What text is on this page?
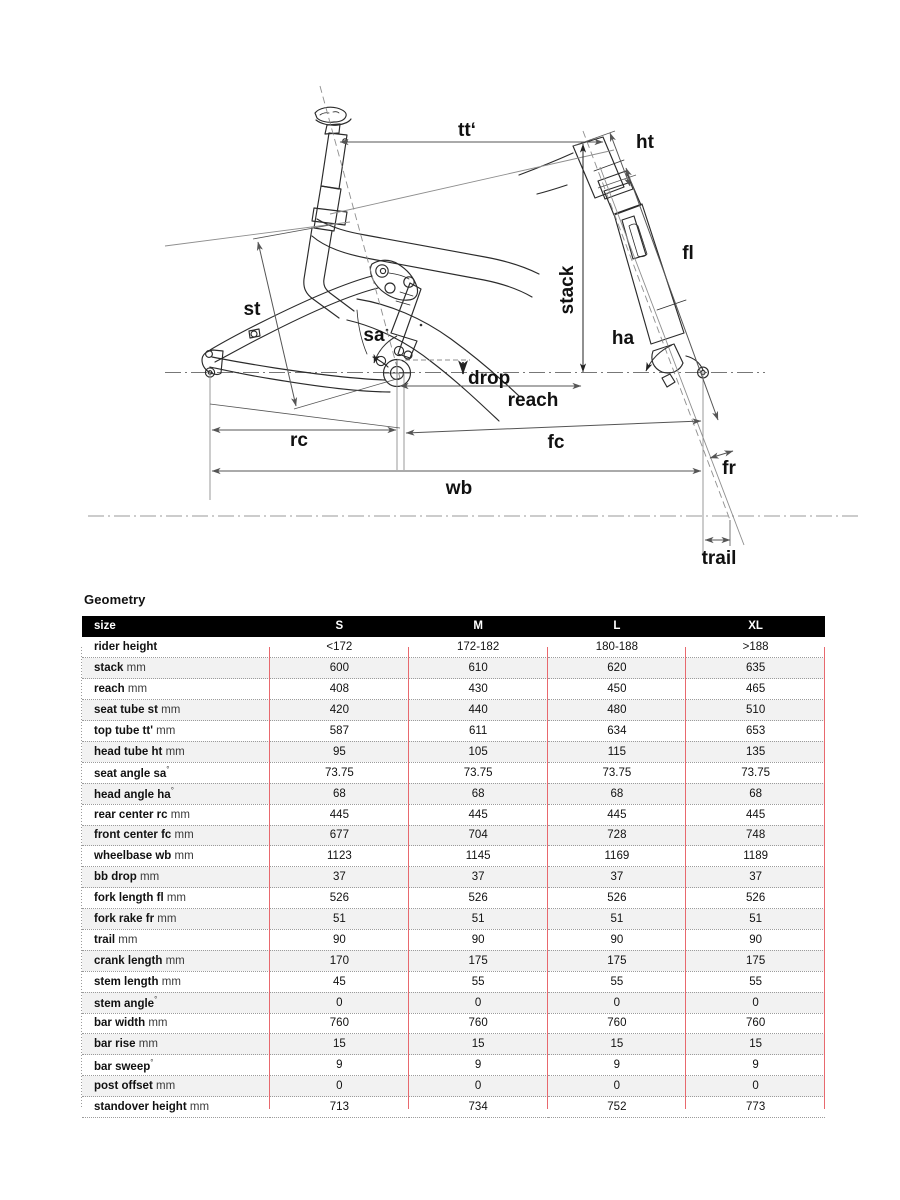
tt‘
ht
fl
stack
st
sa	ha
drop
reach
rc	fc
fr
wb
trail
Geometry
size	S	M	L	XL
rider height	<172	172-182	180-188	>188
stack mm	600	610	620	635
reach mm	408	430	450	465
seat tube st mm	420	440	480	510
top tube tt' mm	587	611	634	653
head tube ht mm	95	105	115	135
seat angle sa°	73.75	73.75	73.75	73.75
head angle ha°	68	68	68	68
rear center rc mm	445	445	445	445
front center fc mm	677	704	728	748
wheelbase wb mm	1123	1145	1169	1189
bb drop mm	37	37	37	37
fork length fl mm	526	526	526	526
fork rake fr mm	51	51	51	51
trail mm	90	90	90	90
crank length mm	170	175	175	175
stem length mm	45	55	55	55
stem angle°	0	0	0	0
bar width mm	760	760	760	760
bar rise mm	15	15	15	15
bar sweep°	9	9	9	9
post offset mm	0	0	0	0
standover height mm	713	734	752	773
